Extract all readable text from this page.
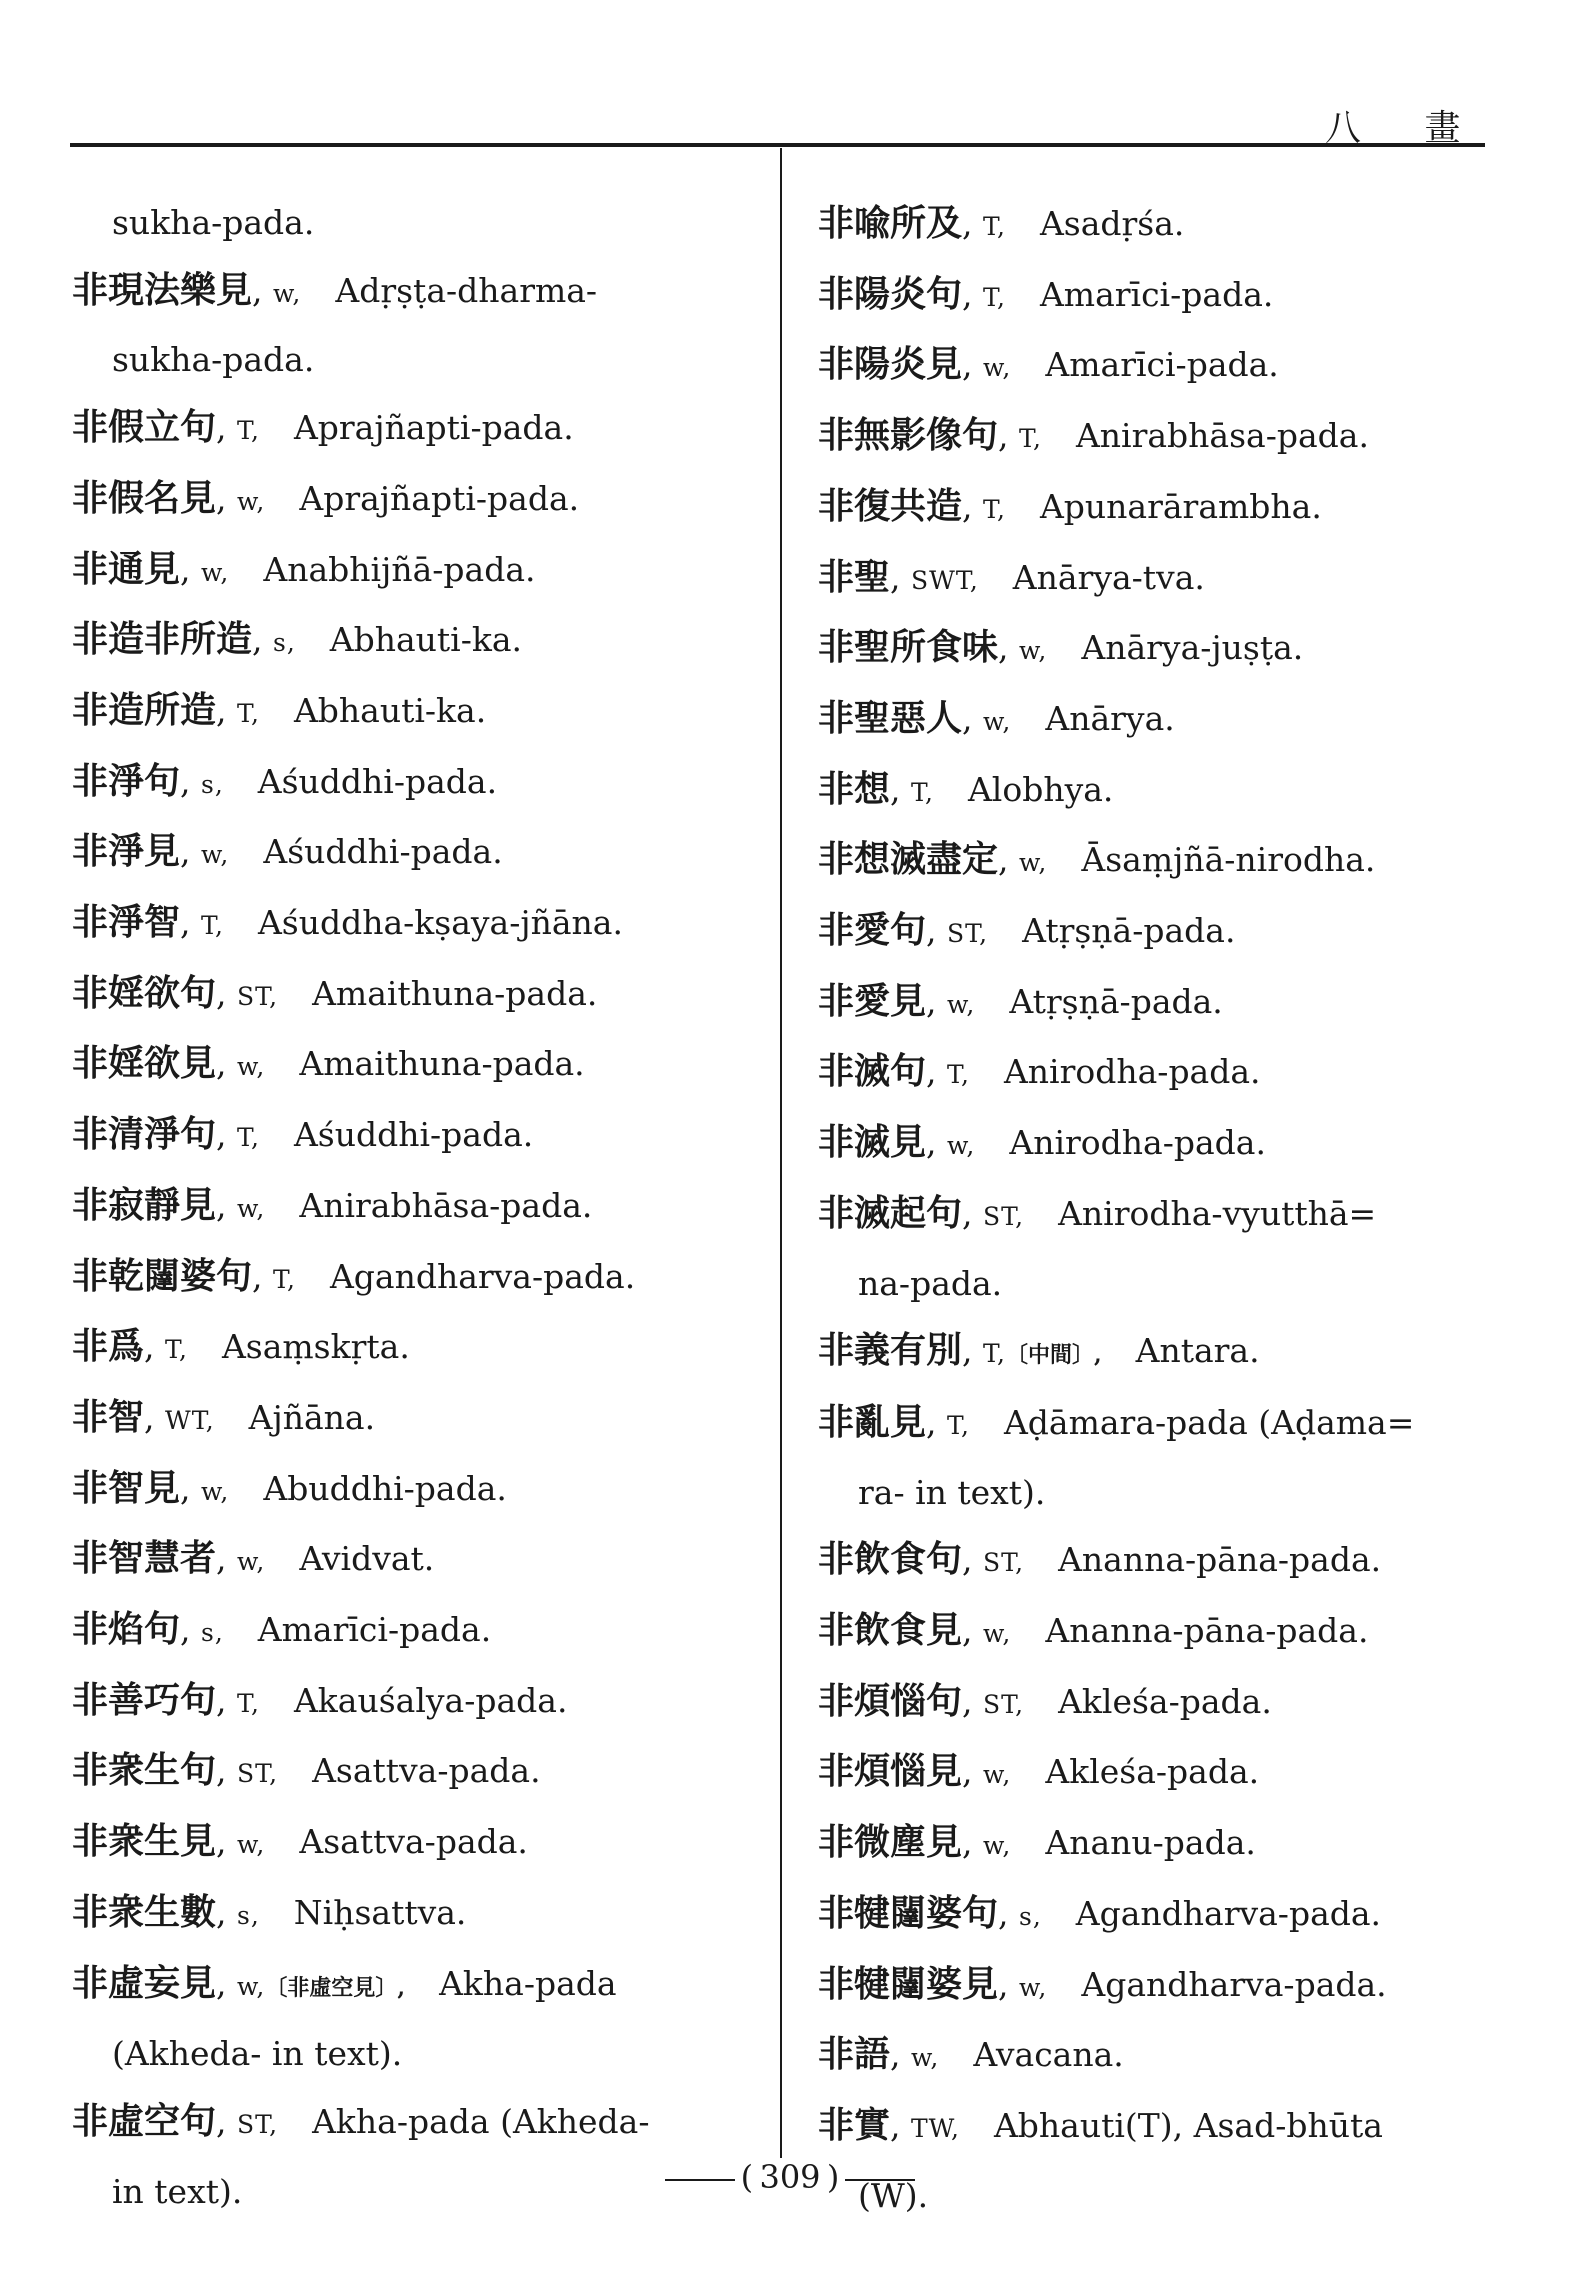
八 畫
sukha-pada.
非現法樂見, w, Adṛṣṭa-dharma-
sukha-pada.
非假立句, T, Aprajñapti-pada.
非假名見, w, Aprajñapti-pada.
非通見, w, Anabhijñā-pada.
非造非所造, s, Abhauti-ka.
非造所造, T, Abhauti-ka.
非淨句, s, Aśuddhi-pada.
非淨見, w, Aśuddhi-pada.
非淨智, T, Aśuddha-kṣaya-jñāna.
非婬欲句, ST, Amaithuna-pada.
非婬欲見, w, Amaithuna-pada.
非清淨句, T, Aśuddhi-pada.
非寂靜見, w, Anirabhāsa-pada.
非乾闥婆句, T, Agandharva-pada.
非爲, T, Asaṃskṛta.
非智, WT, Ajñāna.
非智見, w, Abuddhi-pada.
非智慧者, w, Avidvat.
非焰句, s, Amarīci-pada.
非善巧句, T, Akauśalya-pada.
非衆生句, ST, Asattva-pada.
非衆生見, w, Asattva-pada.
非衆生數, s, Niḥsattva.
非虛妄見, w,〔非虛空見〕, Akha-pada
(Akheda- in text).
非虛空句, ST, Akha-pada (Akheda-
in text).
非喩所及, T, Asadṛśa.
非陽炎句, T, Amarīci-pada.
非陽炎見, w, Amarīci-pada.
非無影像句, T, Anirabhāsa-pada.
非復共造, T, Apunarārambha.
非聖, SWT, Anārya-tva.
非聖所食味, w, Anārya-juṣṭa.
非聖惡人, w, Anārya.
非想, T, Alobhya.
非想滅盡定, w, Āsaṃjñā-nirodha.
非愛句, ST, Atṛṣṇā-pada.
非愛見, w, Atṛṣṇā-pada.
非滅句, T, Anirodha-pada.
非滅見, w, Anirodha-pada.
非滅起句, ST, Anirodha-vyutthā=
na-pada.
非義有別, T,〔中間〕, Antara.
非亂見, T, Aḍāmara-pada (Aḍama=
ra- in text).
非飲食句, ST, Ananna-pāna-pada.
非飲食見, w, Ananna-pāna-pada.
非煩惱句, ST, Akleśa-pada.
非煩惱見, w, Akleśa-pada.
非微塵見, w, Ananu-pada.
非犍闥婆句, s, Agandharva-pada.
非犍闥婆見, w, Agandharva-pada.
非語, w, Avacana.
非實, TW, Abhauti(T), Asad-bhūta
(W).
( 309 )
